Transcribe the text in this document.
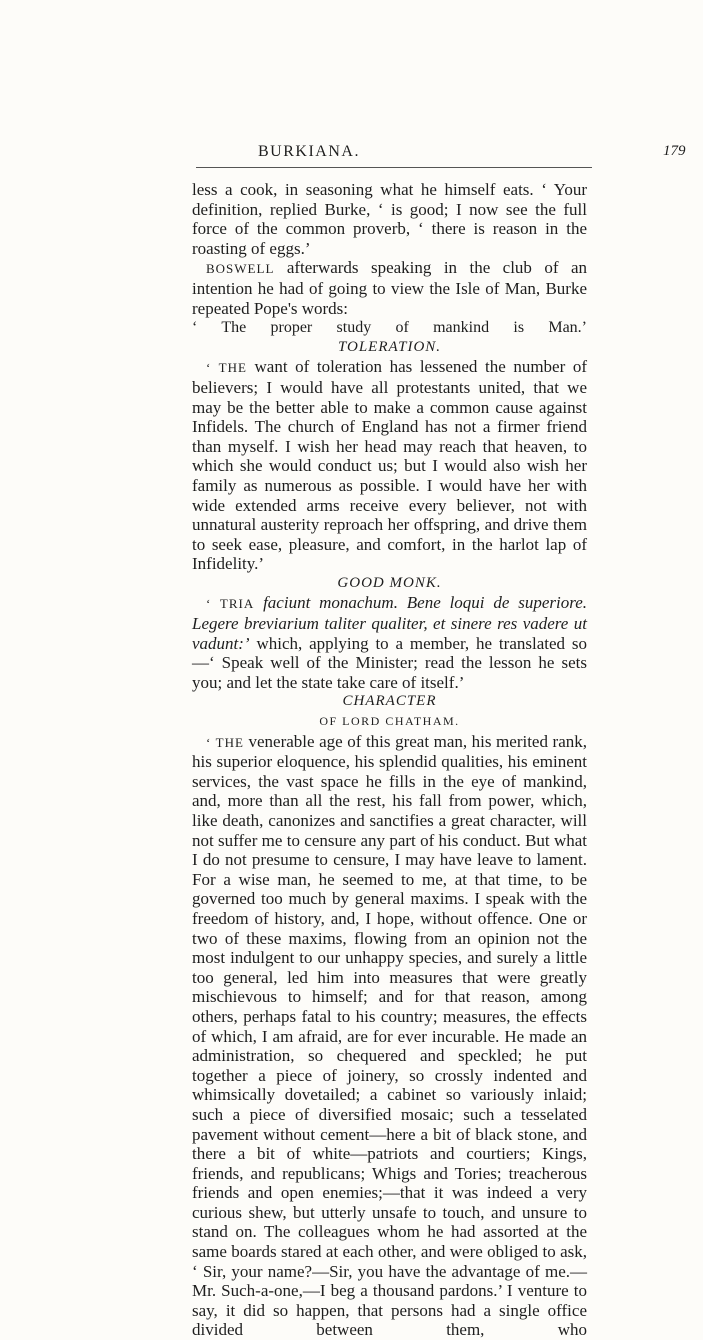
BURKIANA.	179

less a cook, in seasoning what he himself eats. ‘ Your definition, replied Burke, ‘ is good; I now see the full force of the common proverb, ‘ there is reason in the roasting of eggs.’

BOSWELL afterwards speaking in the club of an intention he had of going to view the Isle of Man, Burke repeated Pope's words:

‘ The proper study of mankind is Man.’

TOLERATION.

‘ THE want of toleration has lessened the number of believers; I would have all protestants united, that we may be the better able to make a common cause against Infidels. The church of England has not a firmer friend than myself. I wish her head may reach that heaven, to which she would conduct us; but I would also wish her family as numerous as possible. I would have her with wide extended arms receive every believer, not with unnatural austerity reproach her offspring, and drive them to seek ease, pleasure, and comfort, in the harlot lap of Infidelity.’

GOOD MONK.

‘ TRIA faciunt monachum. Bene loqui de superiore. Legere breviarium taliter qualiter, et sinere res vadere ut vadunt:’ which, applying to a member, he translated so—‘ Speak well of the Minister; read the lesson he sets you; and let the state take care of itself.’

CHARACTER

OF LORD CHATHAM.

‘ THE venerable age of this great man, his merited rank, his superior eloquence, his splendid qualities, his eminent services, the vast space he fills in the eye of mankind, and, more than all the rest, his fall from power, which, like death, canonizes and sanctifies a great character, will not suffer me to censure any part of his conduct. But what I do not presume to censure, I may have leave to lament. For a wise man, he seemed to me, at that time, to be governed too much by general maxims. I speak with the freedom of history, and, I hope, without offence. One or two of these maxims, flowing from an opinion not the most indulgent to our unhappy species, and surely a little too general, led him into measures that were greatly mischievous to himself; and for that reason, among others, perhaps fatal to his country; measures, the effects of which, I am afraid, are for ever incurable. He made an administration, so chequered and speckled; he put together a piece of joinery, so crossly indented and whimsically dovetailed; a cabinet so variously inlaid; such a piece of diversified mosaic; such a tesselated pavement without cement—here a bit of black stone, and there a bit of white—patriots and courtiers; Kings, friends, and republicans; Whigs and Tories; treacherous friends and open enemies;—that it was indeed a very curious shew, but utterly unsafe to touch, and unsure to stand on. The colleagues whom he had assorted at the same boards stared at each other, and were obliged to ask, ‘ Sir, your name?—Sir, you have the advantage of me.—Mr. Such-a-one,—I beg a thousand pardons.’ I venture to say, it did so happen, that persons had a single office divided between them, who
